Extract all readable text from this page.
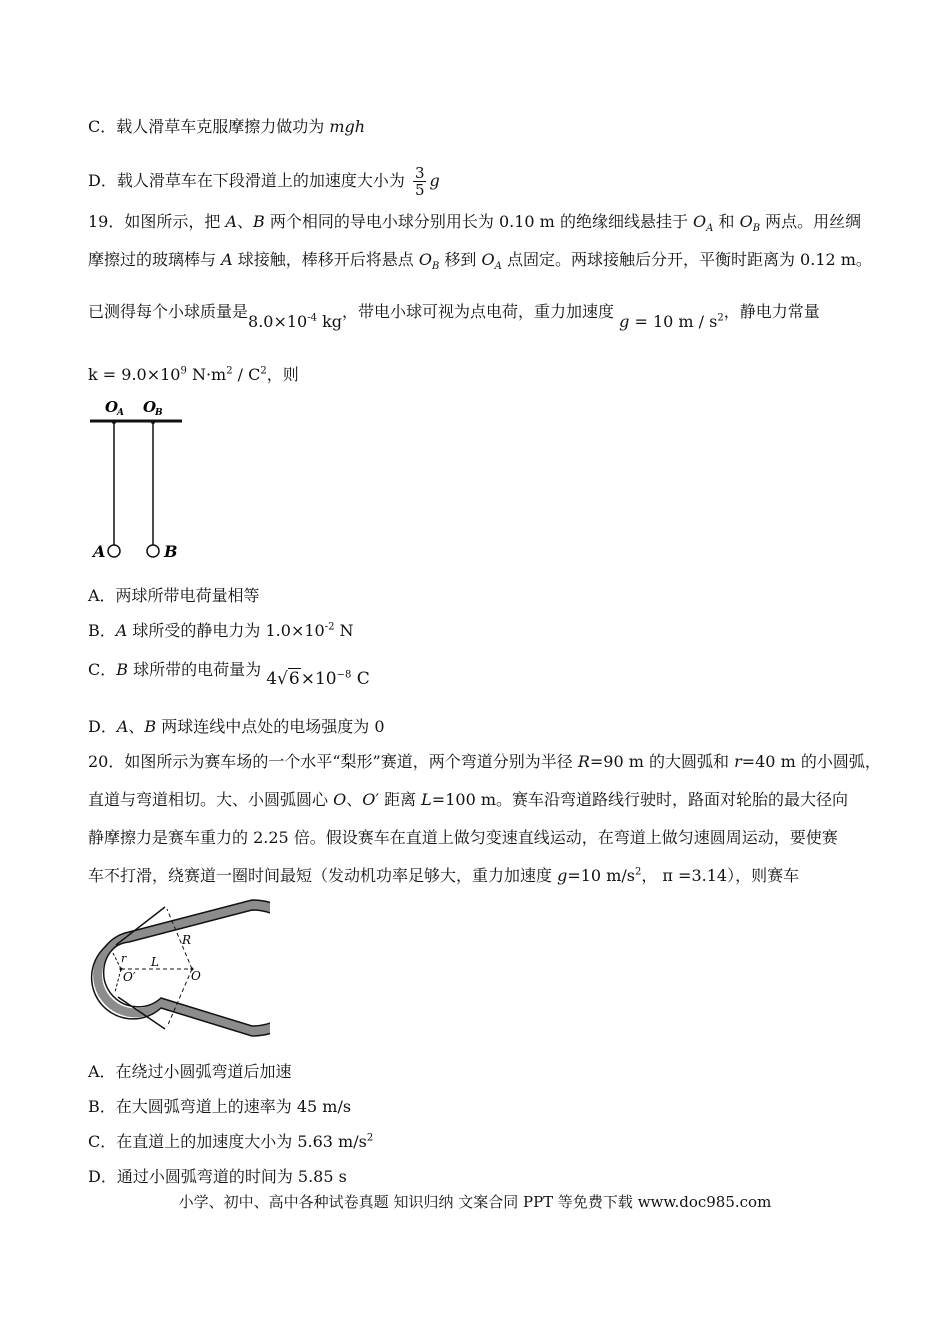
C．载人滑草车克服摩擦力做功为 mgh
D．载人滑草车在下段滑道上的加速度大小为 $\frac{3}{5}$ g
19．如图所示，把 A、B 两个相同的导电小球分别用长为 0.10 m 的绝缘细线悬挂于 $O_A$ 和 $O_B$ 两点。用丝绸
摩擦过的玻璃棒与 A 球接触，棒移开后将悬点 $O_B$ 移到 $O_A$ 点固定。两球接触后分开，平衡时距离为 0.12 m。
已测得每个小球质量是$8.0\times 10^{-4}$ kg，带电小球可视为点电荷，重力加速度 g = 10 m / $s^2$，静电力常量
$k = 9.0\times 10^9$ $N\cdot m^2 / C^2$，则
O
A O
B
A	B
A．两球所带电荷量相等
B．A 球所受的静电力为 $1.0\times 10^{-2}$ N
C．B 球所带的电荷量为 $4√6\times 10^{-8}$ C
D．A、B 两球连线中点处的电场强度为 0
20．如图所示为赛车场的一个水平“梨形”赛道，两个弯道分别为半径 R=90 m 的大圆弧和 r=40 m 的小圆弧，
直道与弯道相切。大、小圆弧圆心 O、O′ 距离 L=100 m。赛车沿弯道路线行驶时，路面对轮胎的最大径向
静摩擦力是赛车重力的 2.25 倍。假设赛车在直道上做匀变速直线运动，在弯道上做匀速圆周运动，要使赛
车不打滑，绕赛道一圈时间最短（发动机功率足够大，重力加速度 g=10 $m/s^2$， π =3.14），则赛车
R
r L
O
O′
A．在绕过小圆弧弯道后加速
B．在大圆弧弯道上的速率为 45 m/s
C．在直道上的加速度大小为 5.63 $m/s^2$
D．通过小圆弧弯道的时间为 5.85 s
小学、初中、高中各种试卷真题 知识归纳 文案合同 PPT 等免费下载 www.doc985.com
